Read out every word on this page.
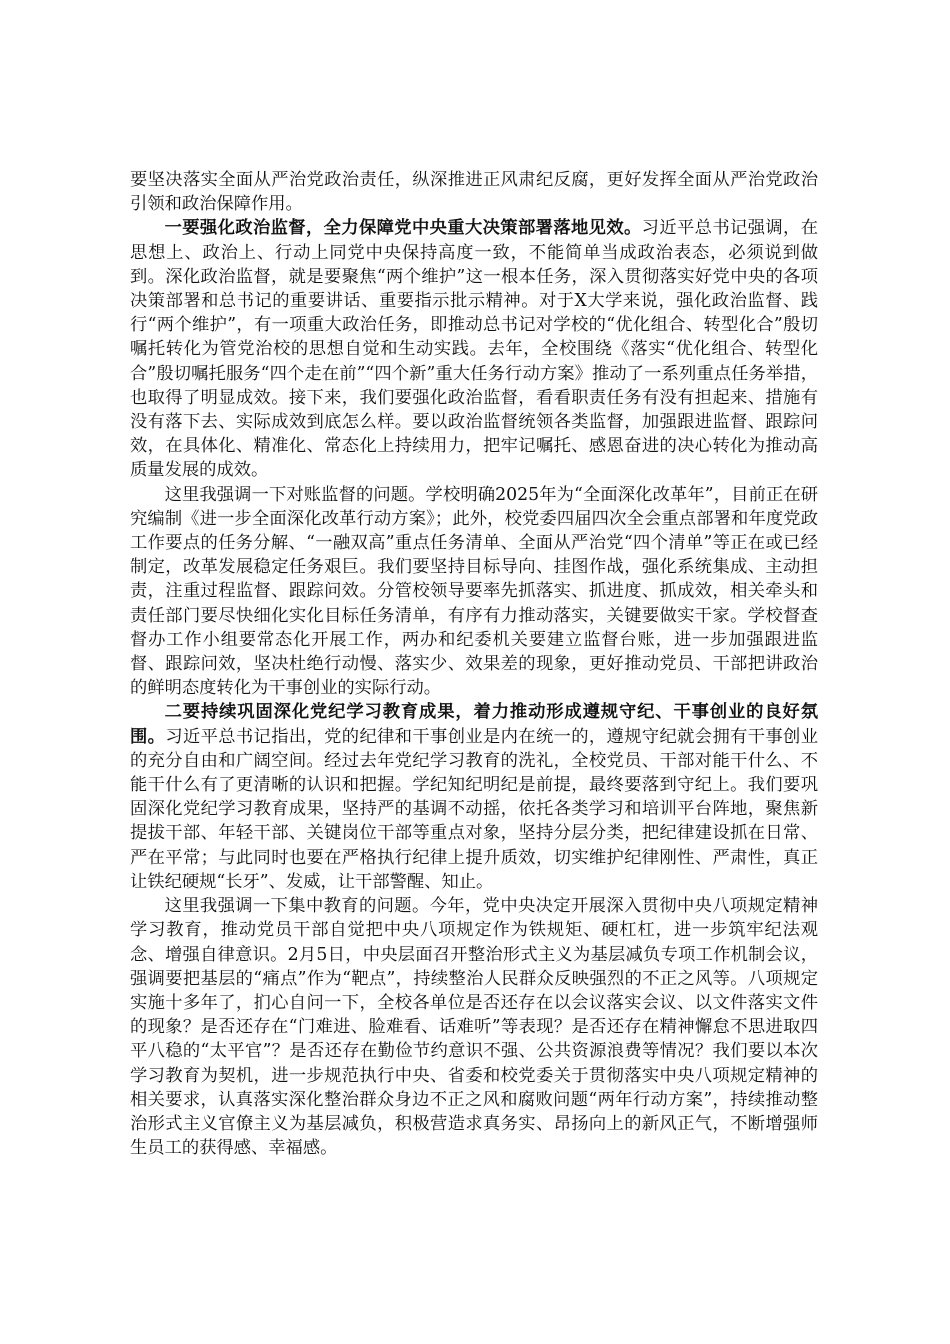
要坚决落实全面从严治党政治责任，纵深推进正风肃纪反腐，更好发挥全面从严治党政治引领和政治保障作用。

一要强化政治监督，全力保障党中央重大决策部署落地见效。习近平总书记强调，在思想上、政治上、行动上同党中央保持高度一致，不能简单当成政治表态，必须说到做到。深化政治监督，就是要聚焦“两个维护”这一根本任务，深入贯彻落实好党中央的各项决策部署和总书记的重要讲话、重要指示批示精神。对于X大学来说，强化政治监督、践行“两个维护”，有一项重大政治任务，即推动总书记对学校的“优化组合、转型化合”殷切嘱托转化为管党治校的思想自觉和生动实践。去年，全校围绕《落实“优化组合、转型化合”殷切嘱托服务“四个走在前”“四个新”重大任务行动方案》推动了一系列重点任务举措，也取得了明显成效。接下来，我们要强化政治监督，看看职责任务有没有担起来、措施有没有落下去、实际成效到底怎么样。要以政治监督统领各类监督，加强跟进监督、跟踪问效，在具体化、精准化、常态化上持续用力，把牢记嘱托、感恩奋进的决心转化为推动高质量发展的成效。

这里我强调一下对账监督的问题。学校明确2025年为“全面深化改革年”，目前正在研究编制《进一步全面深化改革行动方案》；此外，校党委四届四次全会重点部署和年度党政工作要点的任务分解、“一融双高”重点任务清单、全面从严治党“四个清单”等正在或已经制定，改革发展稳定任务艰巨。我们要坚持目标导向、挂图作战，强化系统集成、主动担责，注重过程监督、跟踪问效。分管校领导要率先抓落实、抓进度、抓成效，相关牵头和责任部门要尽快细化实化目标任务清单，有序有力推动落实，关键要做实干家。学校督查督办工作小组要常态化开展工作，两办和纪委机关要建立监督台账，进一步加强跟进监督、跟踪问效，坚决杜绝行动慢、落实少、效果差的现象，更好推动党员、干部把讲政治的鲜明态度转化为干事创业的实际行动。

二要持续巩固深化党纪学习教育成果，着力推动形成遵规守纪、干事创业的良好氛围。习近平总书记指出，党的纪律和干事创业是内在统一的，遵规守纪就会拥有干事创业的充分自由和广阔空间。经过去年党纪学习教育的洗礼，全校党员、干部对能干什么、不能干什么有了更清晰的认识和把握。学纪知纪明纪是前提，最终要落到守纪上。我们要巩固深化党纪学习教育成果，坚持严的基调不动摇，依托各类学习和培训平台阵地，聚焦新提拔干部、年轻干部、关键岗位干部等重点对象，坚持分层分类，把纪律建设抓在日常、严在平常；与此同时也要在严格执行纪律上提升质效，切实维护纪律刚性、严肃性，真正让铁纪硬规“长牙”、发威，让干部警醒、知止。

这里我强调一下集中教育的问题。今年，党中央决定开展深入贯彻中央八项规定精神学习教育，推动党员干部自觉把中央八项规定作为铁规矩、硬杠杠，进一步筑牢纪法观念、增强自律意识。2月5日，中央层面召开整治形式主义为基层减负专项工作机制会议，强调要把基层的“痛点”作为“靶点”，持续整治人民群众反映强烈的不正之风等。八项规定实施十多年了，扪心自问一下，全校各单位是否还存在以会议落实会议、以文件落实文件的现象？是否还存在“门难进、脸难看、话难听”等表现？是否还存在精神懈怠不思进取四平八稳的“太平官”？是否还存在勤俭节约意识不强、公共资源浪费等情况？我们要以本次学习教育为契机，进一步规范执行中央、省委和校党委关于贯彻落实中央八项规定精神的相关要求，认真落实深化整治群众身边不正之风和腐败问题“两年行动方案”，持续推动整治形式主义官僚主义为基层减负，积极营造求真务实、昂扬向上的新风正气，不断增强师生员工的获得感、幸福感。
